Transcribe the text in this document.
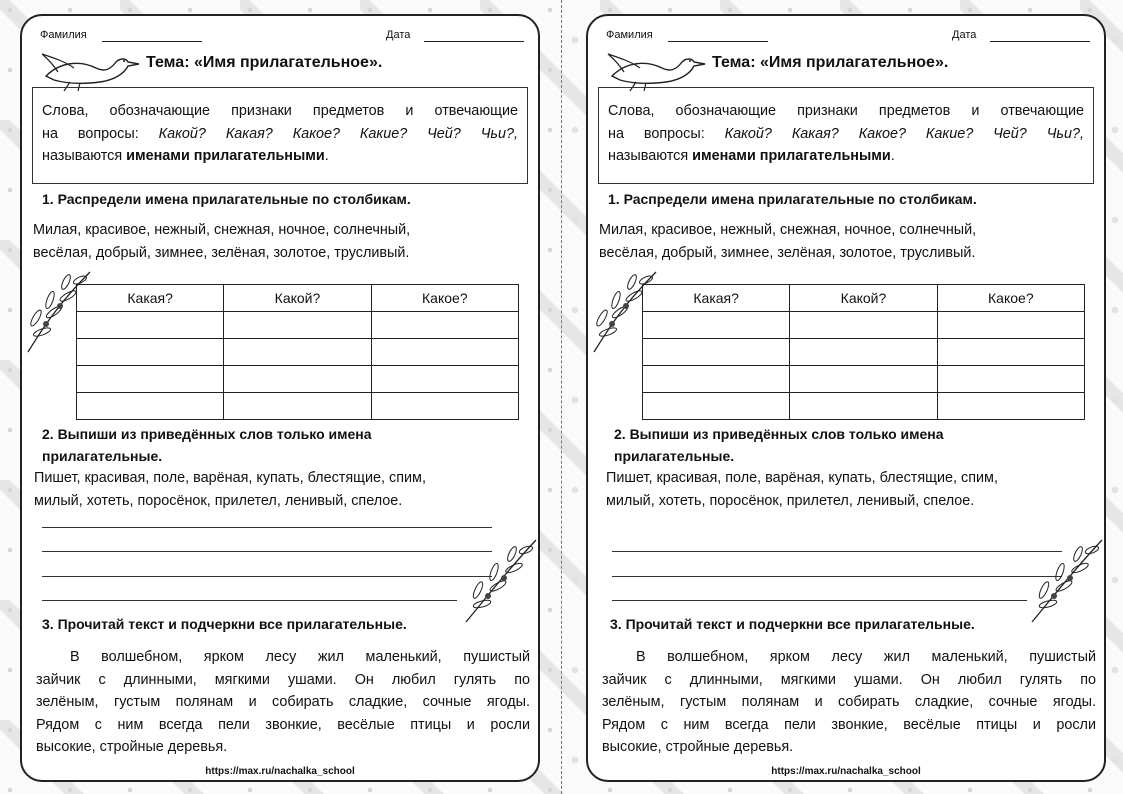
Фамилия	Дата
Тема: «Имя прилагательное».
Слова, обозначающие признаки предметов и отвечающие
на вопросы: Какой? Какая? Какое? Какие? Чей? Чьи?,
называются именами прилагательными.
1. Распредели имена прилагательные по столбикам.
Милая, красивое, нежный, снежная, ночное, солнечный,
весёлая, добрый, зимнее, зелёная, золотое, трусливый.
Какая?	Какой?	Какое?

2. Выпиши из приведённых слов только имена
прилагательные.
Пишет, красивая, поле, варёная, купать, блестящие, спим,
милый, хотеть, поросёнок, прилетел, ленивый, спелое.
3. Прочитай текст и подчеркни все прилагательные.
В волшебном, ярком лесу жил маленький, пушистый
зайчик с длинными, мягкими ушами. Он любил гулять по
зелёным, густым полянам и собирать сладкие, сочные ягоды.
Рядом с ним всегда пели звонкие, весёлые птицы и росли
высокие, стройные деревья.
https://max.ru/nachalka_school
Фамилия	Дата
Тема: «Имя прилагательное».
Слова, обозначающие признаки предметов и отвечающие
на вопросы: Какой? Какая? Какое? Какие? Чей? Чьи?,
называются именами прилагательными.
1. Распредели имена прилагательные по столбикам.
Милая, красивое, нежный, снежная, ночное, солнечный,
весёлая, добрый, зимнее, зелёная, золотое, трусливый.
Какая?	Какой?	Какое?

2. Выпиши из приведённых слов только имена
прилагательные.
Пишет, красивая, поле, варёная, купать, блестящие, спим,
милый, хотеть, поросёнок, прилетел, ленивый, спелое.
3. Прочитай текст и подчеркни все прилагательные.
В волшебном, ярком лесу жил маленький, пушистый
зайчик с длинными, мягкими ушами. Он любил гулять по
зелёным, густым полянам и собирать сладкие, сочные ягоды.
Рядом с ним всегда пели звонкие, весёлые птицы и росли
высокие, стройные деревья.
https://max.ru/nachalka_school
